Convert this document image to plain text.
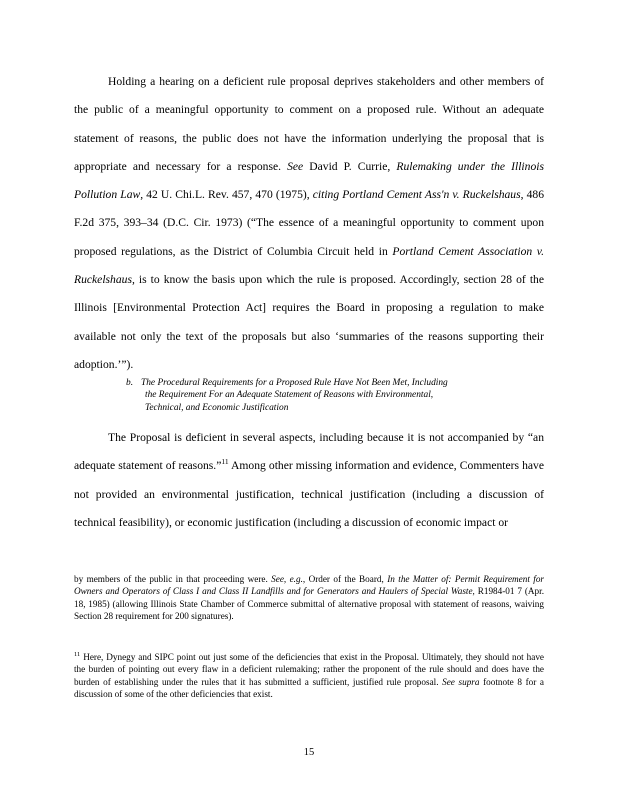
Holding a hearing on a deficient rule proposal deprives stakeholders and other members of the public of a meaningful opportunity to comment on a proposed rule. Without an adequate statement of reasons, the public does not have the information underlying the proposal that is appropriate and necessary for a response. See David P. Currie, Rulemaking under the Illinois Pollution Law, 42 U. Chi.L. Rev. 457, 470 (1975), citing Portland Cement Ass'n v. Ruckelshaus, 486 F.2d 375, 393–34 (D.C. Cir. 1973) (“The essence of a meaningful opportunity to comment upon proposed regulations, as the District of Columbia Circuit held in Portland Cement Association v. Ruckelshaus, is to know the basis upon which the rule is proposed. Accordingly, section 28 of the Illinois [Environmental Protection Act] requires the Board in proposing a regulation to make available not only the text of the proposals but also ‘summaries of the reasons supporting their adoption.’”).

b. The Procedural Requirements for a Proposed Rule Have Not Been Met, Including
the Requirement For an Adequate Statement of Reasons with Environmental,
Technical, and Economic Justification

The Proposal is deficient in several aspects, including because it is not accompanied by “an adequate statement of reasons.”$^{11}$ Among other missing information and evidence, Commenters have not provided an environmental justification, technical justification (including a discussion of technical feasibility), or economic justification (including a discussion of economic impact or

by members of the public in that proceeding were. See, e.g., Order of the Board, In the Matter of: Permit Requirement for Owners and Operators of Class I and Class II Landfills and for Generators and Haulers of Special Waste, R1984-01 7 (Apr. 18, 1985) (allowing Illinois State Chamber of Commerce submittal of alternative proposal with statement of reasons, waiving Section 28 requirement for 200 signatures).

$^{11}$ Here, Dynegy and SIPC point out just some of the deficiencies that exist in the Proposal. Ultimately, they should not have the burden of pointing out every flaw in a deficient rulemaking; rather the proponent of the rule should and does have the burden of establishing under the rules that it has submitted a sufficient, justified rule proposal. See supra footnote 8 for a discussion of some of the other deficiencies that exist.

15
